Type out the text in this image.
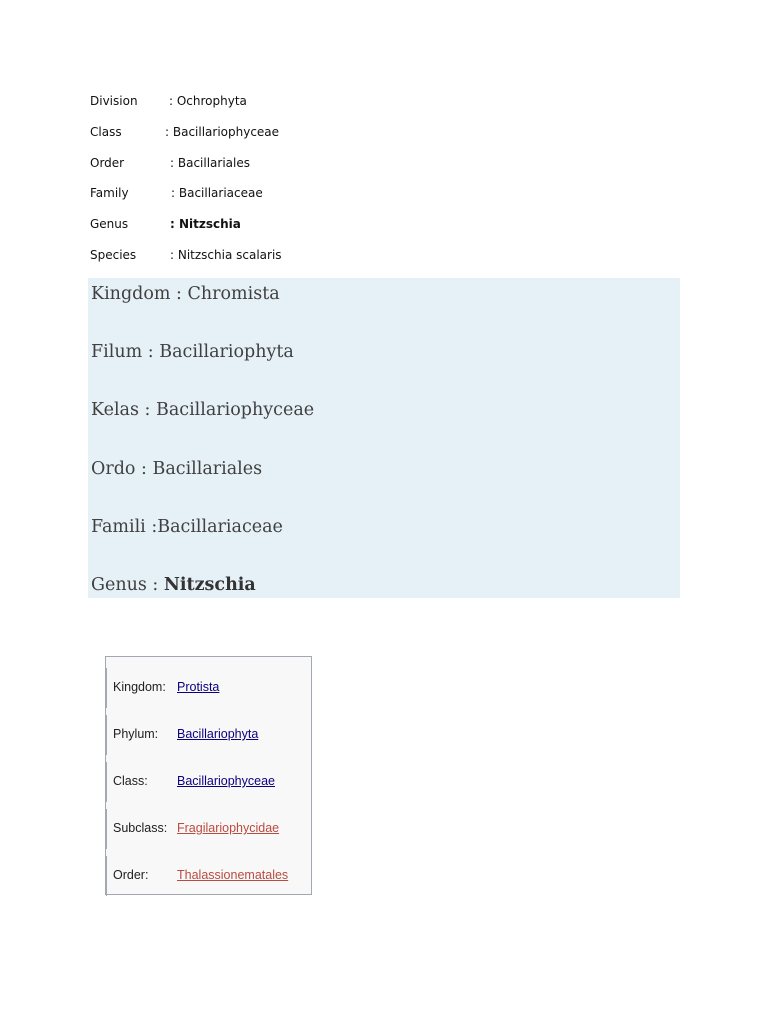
Division	: Ochrophyta
Class	: Bacillariophyceae
Order	: Bacillariales
Family	: Bacillariaceae
Genus	: Nitzschia
Species	: Nitzschia scalaris
Kingdom : Chromista
Filum : Bacillariophyta
Kelas : Bacillariophyceae
Ordo : Bacillariales
Famili :Bacillariaceae
Genus : Nitzschia
Kingdom: Protista
Phylum: Bacillariophyta
Class: Bacillariophyceae
Subclass: Fragilariophycidae
Order: Thalassionematales
